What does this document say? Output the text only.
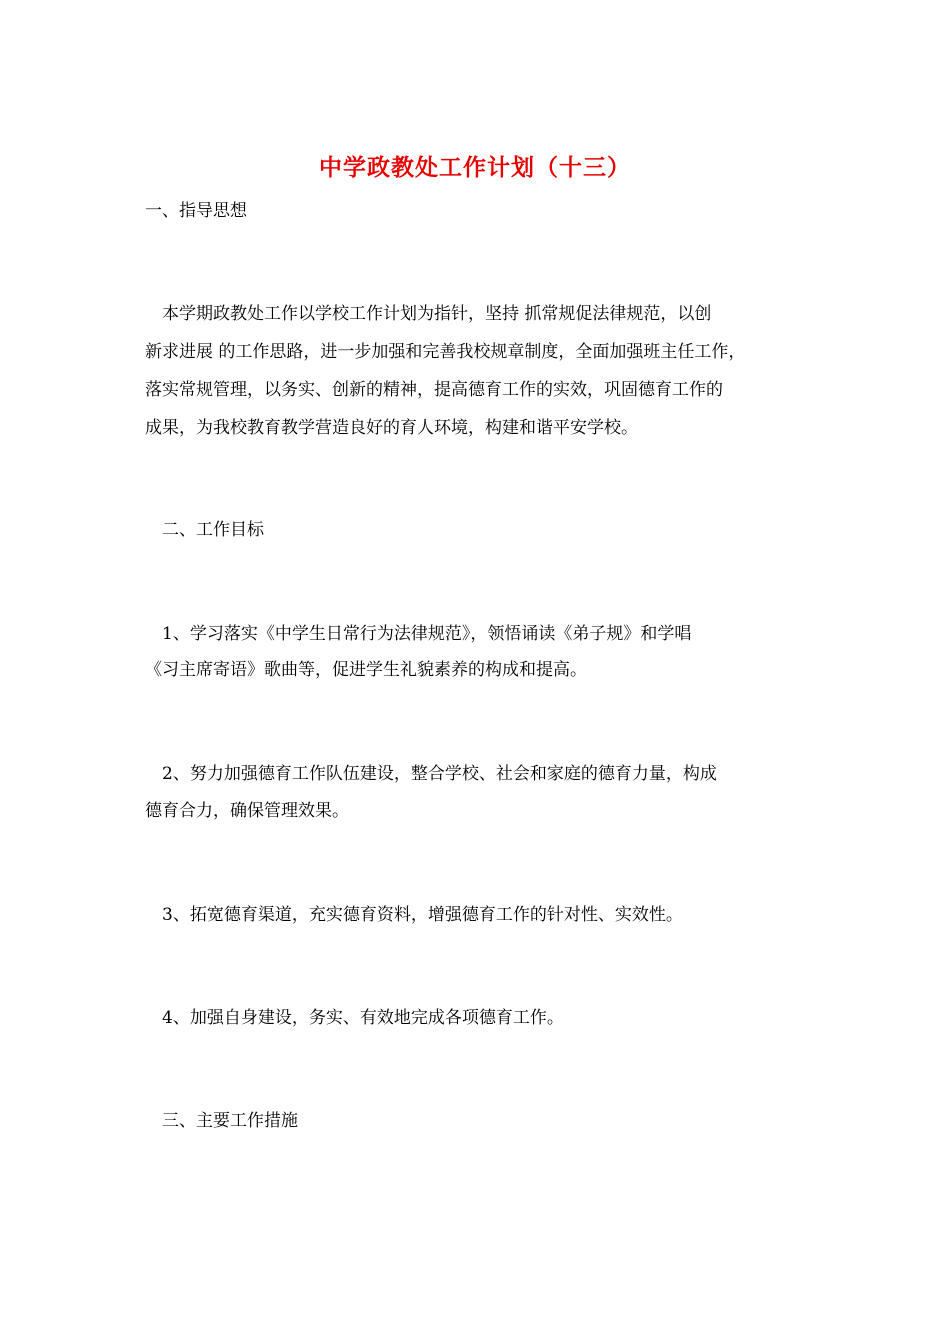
中学政教处工作计划（十三）
一、指导思想
　本学期政教处工作以学校工作计划为指针，坚持 抓常规促法律规范，以创
新求进展 的工作思路，进一步加强和完善我校规章制度，全面加强班主任工作，
落实常规管理，以务实、创新的精神，提高德育工作的实效，巩固德育工作的
成果，为我校教育教学营造良好的育人环境，构建和谐平安学校。
　二、工作目标
　1、学习落实《中学生日常行为法律规范》，领悟诵读《弟子规》和学唱
《习主席寄语》歌曲等，促进学生礼貌素养的构成和提高。
　2、努力加强德育工作队伍建设，整合学校、社会和家庭的德育力量，构成
德育合力，确保管理效果。
　3、拓宽德育渠道，充实德育资料，增强德育工作的针对性、实效性。
　4、加强自身建设，务实、有效地完成各项德育工作。
　三、主要工作措施
